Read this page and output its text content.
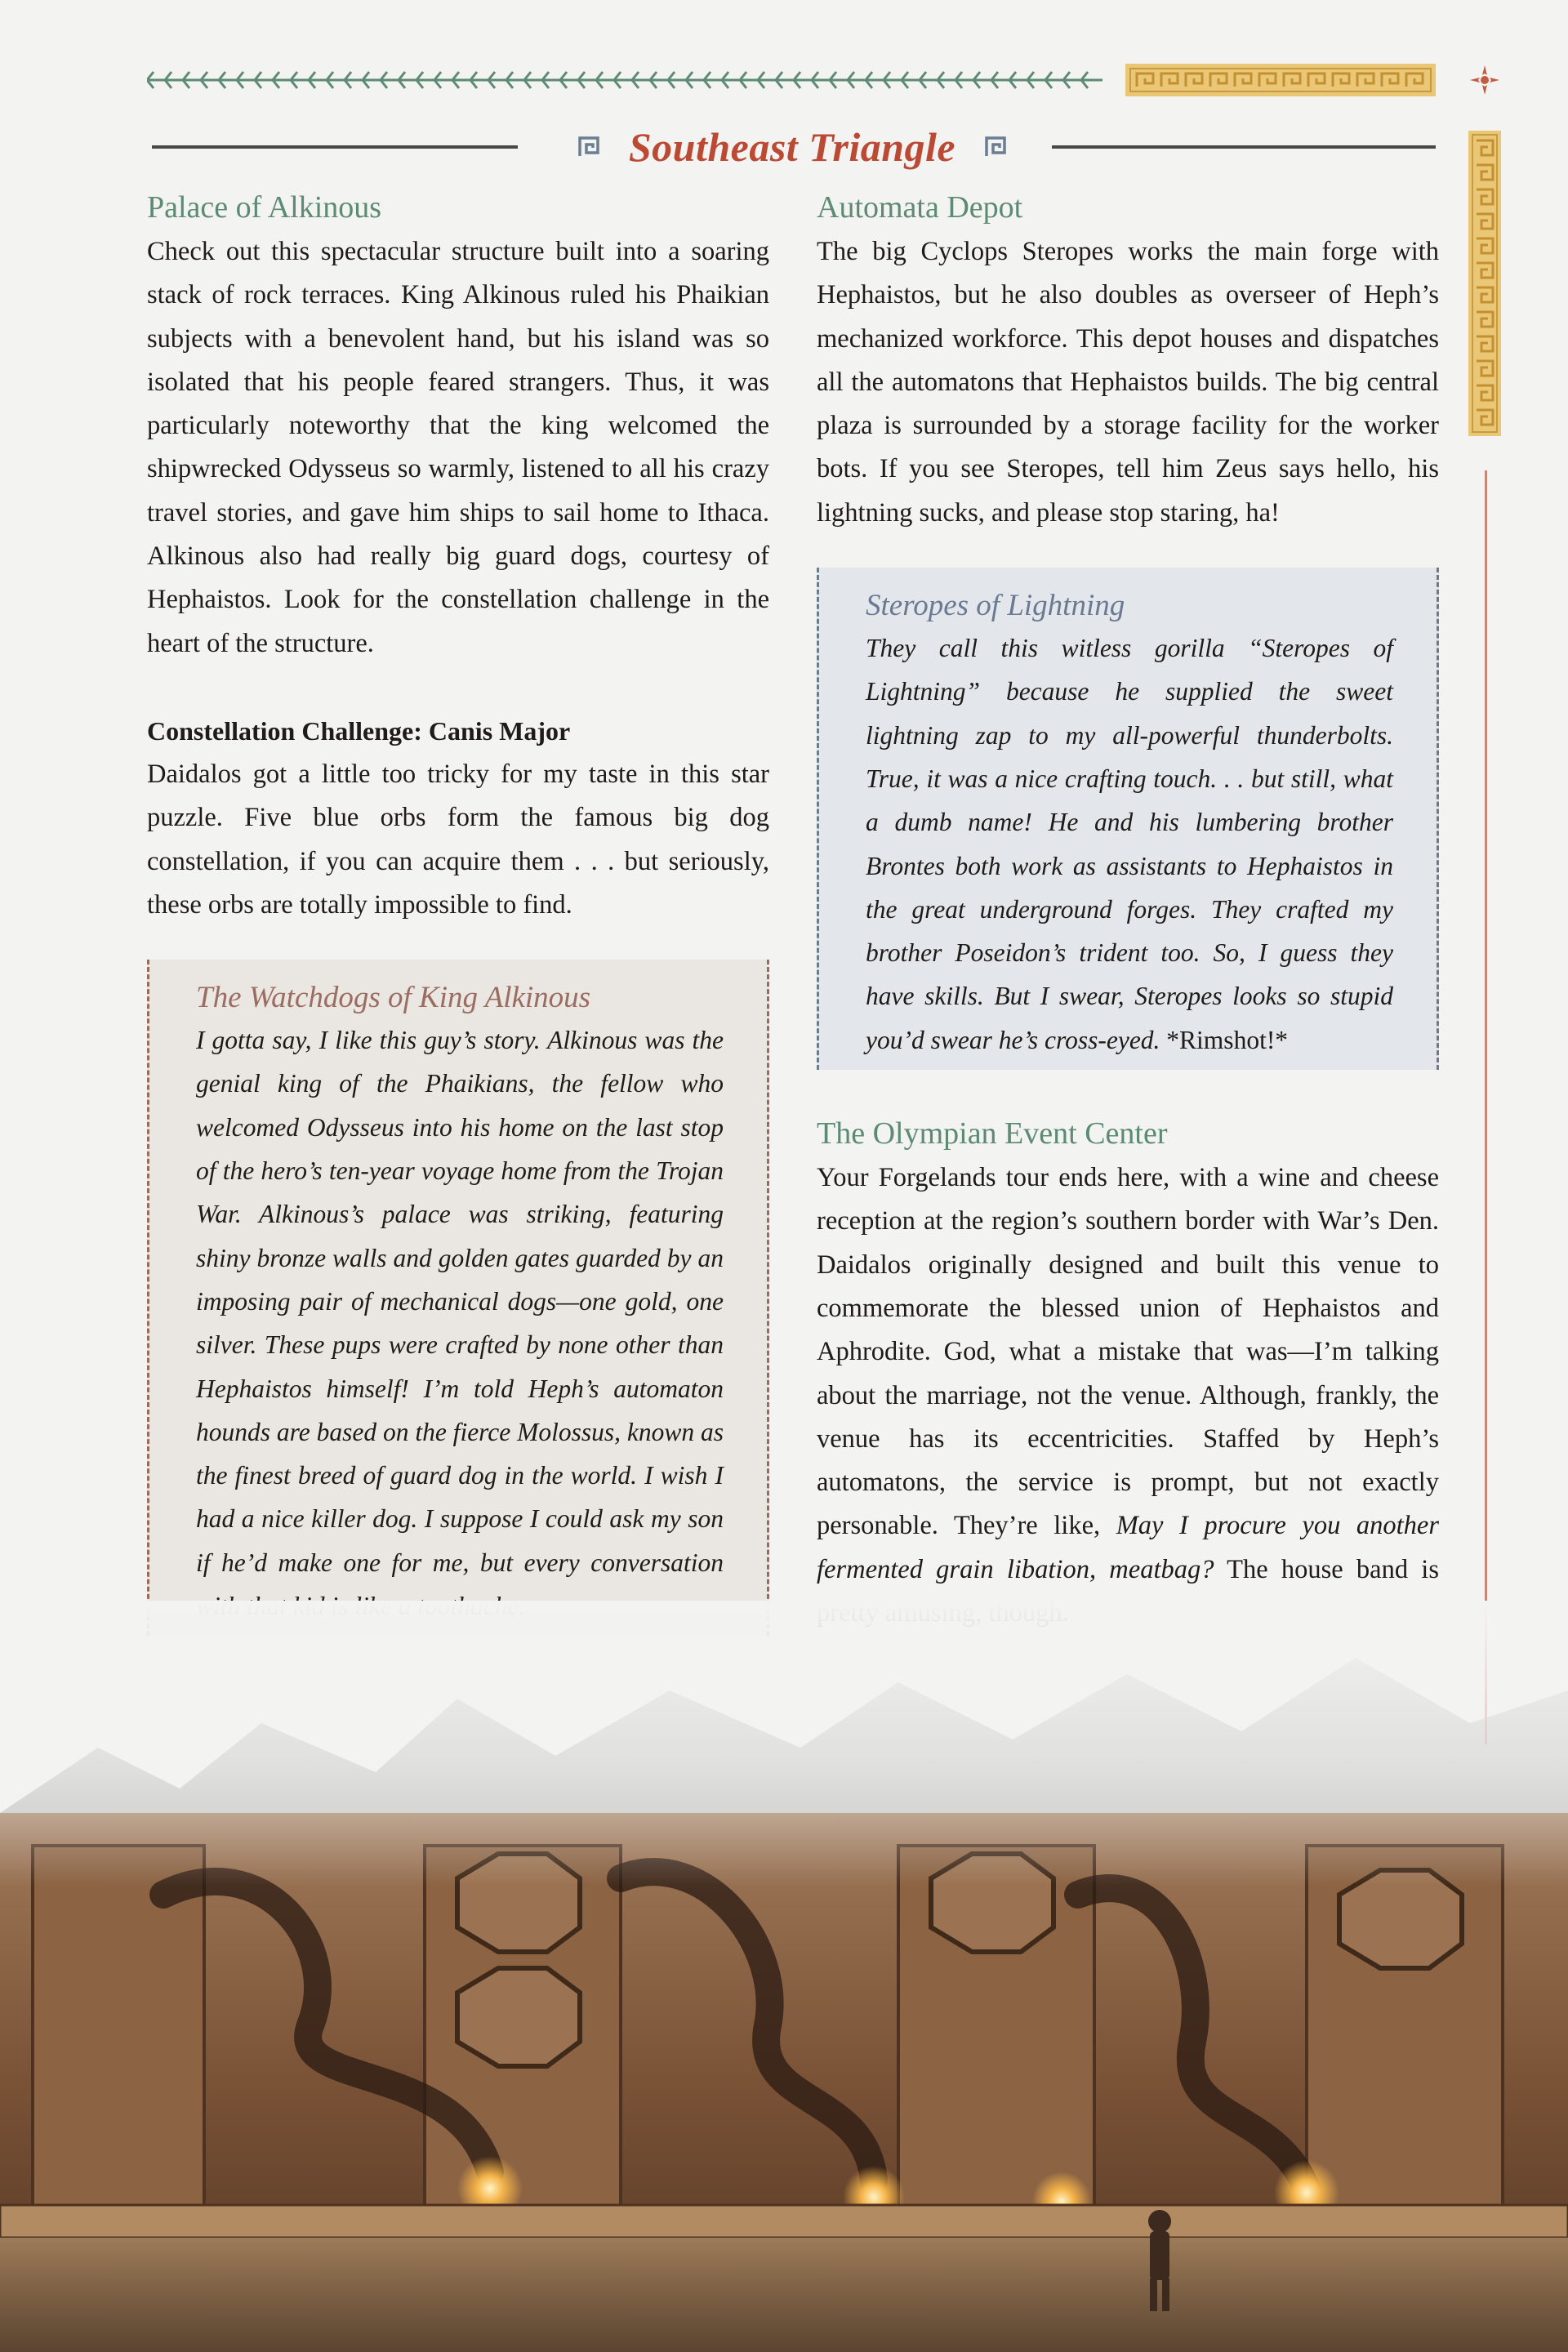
Southeast Triangle
Palace of Alkinous

Check out this spectacular structure built into a soaring stack of rock terraces. King Alkinous ruled his Phaikian subjects with a benevolent hand, but his island was so isolated that his people feared strangers. Thus, it was particularly noteworthy that the king welcomed the shipwrecked Odysseus so warmly, listened to all his crazy travel stories, and gave him ships to sail home to Ithaca. Alkinous also had really big guard dogs, courtesy of Hephaistos. Look for the constellation challenge in the heart of the structure.

Constellation Challenge: Canis Major

Daidalos got a little too tricky for my taste in this star puzzle. Five blue orbs form the famous big dog constellation, if you can acquire them . . . but seriously, these orbs are totally impossible to find.

The Watchdogs of King Alkinous

I gotta say, I like this guy’s story. Alkinous was the genial king of the Phaikians, the fellow who welcomed Odysseus into his home on the last stop of the hero’s ten-year voyage home from the Trojan War. Alkinous’s palace was striking, featuring shiny bronze walls and golden gates guarded by an imposing pair of mechanical dogs—one gold, one silver. These pups were crafted by none other than Hephaistos himself! I’m told Heph’s automaton hounds are based on the fierce Molossus, known as the finest breed of guard dog in the world. I wish I had a nice killer dog. I suppose I could ask my son if he’d make one for me, but every conversation

Automata Depot

The big Cyclops Steropes works the main forge with Hephaistos, but he also doubles as overseer of Heph’s mechanized workforce. This depot houses and dispatches all the automatons that Hephaistos builds. The big central plaza is surrounded by a storage facility for the worker bots. If you see Steropes, tell him Zeus says hello, his lightning sucks, and please stop staring, ha!

Steropes of Lightning

They call this witless gorilla “Steropes of Lightning” because he supplied the sweet lightning zap to my all-powerful thunderbolts. True, it was a nice crafting touch. . . but still, what a dumb name! He and his lumbering brother Brontes both work as assistants to Hephaistos in the great underground forges. They crafted my brother Poseidon’s trident too. So, I guess they have skills. But I swear, Steropes looks so stupid you’d swear he’s cross-eyed. *Rimshot!*

The Olympian Event Center

Your Forgelands tour ends here, with a wine and cheese reception at the region’s southern border with War’s Den. Daidalos originally designed and built this venue to commemorate the blessed union of Hephaistos and Aphrodite. God, what a mistake that was—I’m talking about the marriage, not the venue. Although, frankly, the venue has its eccentricities. Staffed by Heph’s automatons, the service is prompt, but not exactly personable. They’re like, May I procure you another fermented grain libation, meatbag? The house band is
